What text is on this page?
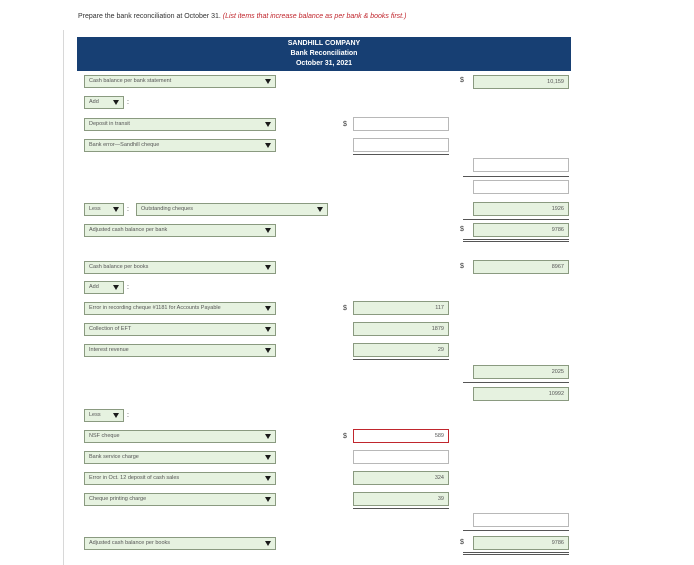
Prepare the bank reconciliation at October 31. (List items that increase balance as per bank & books first.)
SANDHILL COMPANY
Bank Reconciliation
October 31, 2021
Cash balance per bank statement	$	10,159
Add	:
Deposit in transit	$
Bank error—Sandhill cheque
Less	:	Outstanding cheques	1926
Adjusted cash balance per bank	$	9786
Cash balance per books	$	8967
Add	:
Error in recording cheque #1181 for Accounts Payable	$	117
Collection of EFT	1879
Interest revenue	29
2025
10992
Less	:
NSF cheque	$	589
Bank service charge
Error in Oct. 12 deposit of cash sales	324
Cheque printing charge	39
Adjusted cash balance per books	$	9786
